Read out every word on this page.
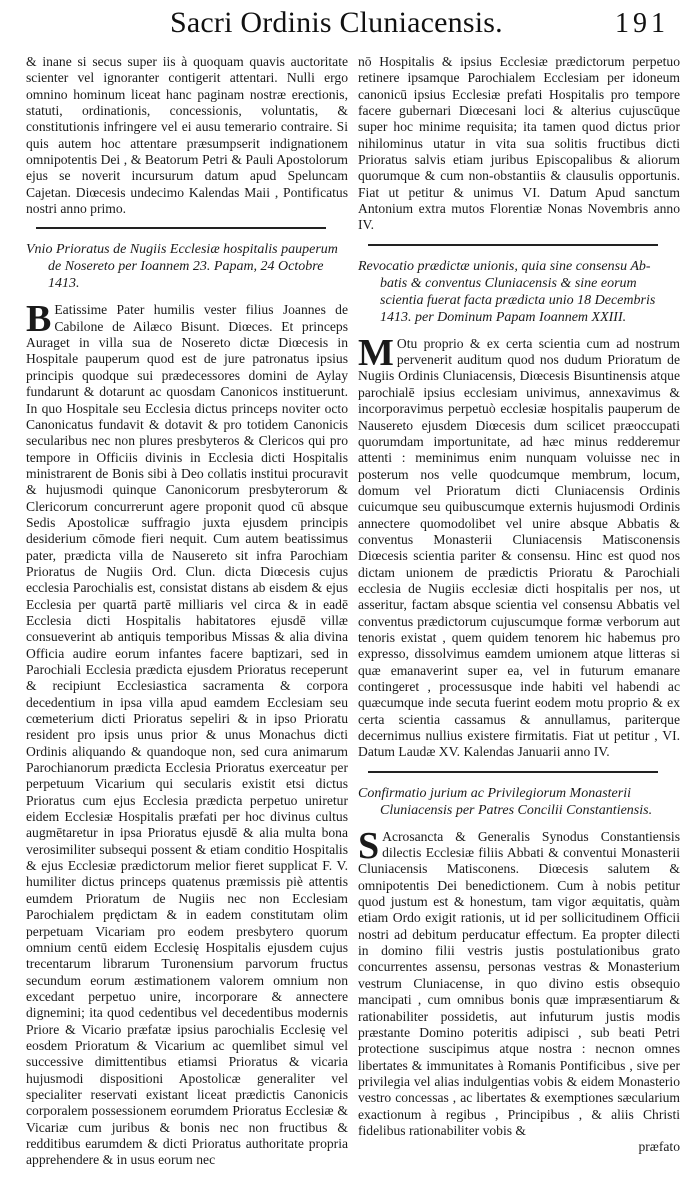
Sacri Ordinis Cluniacensis.	191

& inane si secus super iis à quoquam quavis auctoritate scienter vel ignoranter contigerit attentari. Nulli ergo omnino hominum liceat hanc paginam nostræ erectionis, statuti, ordinationis, concessionis, voluntatis, & constitutionis infringere vel ei ausu temerario contraire. Si quis autem hoc attentare præsumpserit indignationem omnipotentis Dei , & Beatorum Petri & Pauli Apostolorum ejus se noverit incursurum datum apud Speluncam Cajetan. Diœcesis undecimo Kalendas Maii , Pontificatus nostri anno primo.

Vnio Prioratus de Nugiis Ecclesiæ hospitalis pauperum
de Nosereto per Ioannem 23. Papam, 24 Octobre 1413.

B Eatissime Pater humilis vester filius Joannes de Cabilone de Ailæco Bisunt. Diœces. Et princeps Auraget in villa sua de Nosereto dictæ Diœcesis in Hospitale pauperum quod est de jure patronatus ipsius principis quodque sui prædecessores domini de Aylay fundarunt & dotarunt ac quosdam Canonicos instituerunt. In quo Hospitale seu Ecclesia dictus princeps noviter octo Canonicatus fundavit & dotavit & pro totidem Canonicis secularibus nec non plures presbyteros & Clericos qui pro tempore in Officiis divinis in Ecclesia dicti Hospitalis ministrarent de Bonis sibi à Deo collatis institui procuravit & hujusmodi quinque Canonicorum presbyterorum & Clericorum concurrerunt agere proponit quod cū absque Sedis Apostolicæ suffragio juxta ejusdem principis desiderium cōmode fieri nequit. Cum autem beatissimus pater, prædicta villa de Nausereto sit infra Parochiam Prioratus de Nugiis Ord. Clun. dicta Diœcesis cujus ecclesia Parochialis est, consistat distans ab eisdem & ejus Ecclesia per quartā partē milliaris vel circa & in eadē Ecclesia dicti Hospitalis habitatores ejusdē villæ consueverint ab antiquis temporibus Missas & alia divina Officia audire eorum infantes facere baptizari, sed in Parochiali Ecclesia prædicta ejusdem Prioratus receperunt & recipiunt Ecclesiastica sacramenta & corpora decedentium in ipsa villa apud eamdem Ecclesiam seu cœmeterium dicti Prioratus sepeliri & in ipso Prioratu resident pro ipsis unus prior & unus Monachus dicti Ordinis aliquando & quandoque non, sed cura animarum Parochianorum prædicta Ecclesia Prioratus exerceatur per perpetuum Vicarium qui secularis existit etsi dictus Prioratus cum ejus Ecclesia prædicta perpetuo uniretur eidem Ecclesiæ Hospitalis præfati per hoc divinus cultus augmētaretur in ipsa Prioratus ejusdē & alia multa bona verosimiliter subsequi possent & etiam conditio Hospitalis & ejus Ecclesiæ prædictorum melior fieret supplicat F. V. humiliter dictus princeps quatenus præmissis piè attentis eumdem Prioratum de Nugiis nec non Ecclesiam Parochialem prędictam & in eadem constitutam olim perpetuam Vicariam pro eodem presbytero quorum omnium centū eidem Ecclesię Hospitalis ejusdem cujus trecentarum librarum Turonensium parvorum fructus secundum eorum æstimationem valorem omnium non excedant perpetuo unire, incorporare & annectere dignemini; ita quod cedentibus vel decedentibus modernis Priore & Vicario præfatæ ipsius parochialis Ecclesię vel eosdem Prioratum & Vicarium ac quemlibet simul vel successive dimittentibus etiamsi Prioratus & vicaria hujusmodi dispositioni Apostolicæ generaliter vel specialiter reservati existant liceat prædictis Canonicis corporalem possessionem eorumdem Prioratus Ecclesiæ & Vicariæ cum juribus & bonis nec non fructibus & redditibus earumdem & dicti Prioratus authoritate propria apprehendere & in usus eorum nec

nō Hospitalis & ipsius Ecclesiæ prædictorum perpetuo retinere ipsamque Parochialem Ecclesiam per idoneum canonicū ipsius Ecclesiæ prefati Hospitalis pro tempore facere gubernari Diœcesani loci & alterius cujuscūque super hoc minime requisita; ita tamen quod dictus prior nihilominus utatur in vita sua solitis fructibus dicti Prioratus salvis etiam juribus Episcopalibus & aliorum quorumque & cum non-obstantiis & clausulis opportunis. Fiat ut petitur & unimus VI. Datum Apud sanctum Antonium extra mutos Florentiæ Nonas Novembris anno IV.

Revocatio prædictæ unionis, quia sine consensu Ab-
batis & conventus Cluniacensis & sine eorum scientia fuerat facta prædicta unio 18 Decembris 1413. per Dominum Papam Ioannem XXIII.

M Otu proprio & ex certa scientia cum ad nostrum pervenerit auditum quod nos dudum Prioratum de Nugiis Ordinis Cluniacensis, Diœcesis Bisuntinensis atque parochialē ipsius ecclesiam univimus, annexavimus & incorporavimus perpetuò ecclesiæ hospitalis pauperum de Nausereto ejusdem Diœcesis dum scilicet præoccupati quorumdam importunitate, ad hæc minus redderemur attenti : meminimus enim nunquam voluisse nec in posterum nos velle quodcumque membrum, locum, domum vel Prioratum dicti Cluniacensis Ordinis cuicumque seu quibuscumque externis hujusmodi Ordinis annectere quomodolibet vel unire absque Abbatis & conventus Monasterii Cluniacensis Matisconensis Diœcesis scientia pariter & consensu. Hinc est quod nos dictam unionem de prædictis Prioratu & Parochiali ecclesia de Nugiis ecclesiæ dicti hospitalis per nos, ut asseritur, factam absque scientia vel consensu Abbatis vel conventus prædictorum cujuscumque formæ verborum aut tenoris existat , quem quidem tenorem hic habemus pro expresso, dissolvimus eamdem umionem atque litteras si quæ emanaverint super ea, vel in futurum emanare contingeret , processusque inde habiti vel habendi ac quæcumque inde secuta fuerint eodem motu proprio & ex certa scientia cassamus & annullamus, pariterque decernimus nullius existere firmitatis. Fiat ut petitur , VI. Datum Laudæ XV. Kalendas Januarii anno IV.

Confirmatio jurium ac Privilegiorum Monasterii
Cluniacensis per Patres Concilii Constantiensis.

S Acrosancta & Generalis Synodus Constantiensis dilectis Ecclesiæ filiis Abbati & conventui Monasterii Cluniacensis Matisconens. Diœcesis salutem & omnipotentis Dei benedictionem. Cum à nobis petitur quod justum est & honestum, tam vigor æquitatis, quàm etiam Ordo exigit rationis, ut id per sollicitudinem Officii nostri ad debitum perducatur effectum. Ea propter dilecti in domino filii vestris justis postulationibus grato concurrentes assensu, personas vestras & Monasterium vestrum Cluniacense, in quo divino estis obsequio mancipati , cum omnibus bonis quæ impræsentiarum & rationabiliter possidetis, aut infuturum justis modis præstante Domino poteritis adipisci , sub beati Petri protectione suscipimus atque nostra : necnon omnes libertates & immunitates à Romanis Pontificibus , sive per privilegia vel alias indulgentias vobis & eidem Monasterio vestro concessas , ac libertates & exemptiones sæcularium exactionum à regibus , Principibus , & aliis Christi fidelibus rationabiliter vobis &

præfato
